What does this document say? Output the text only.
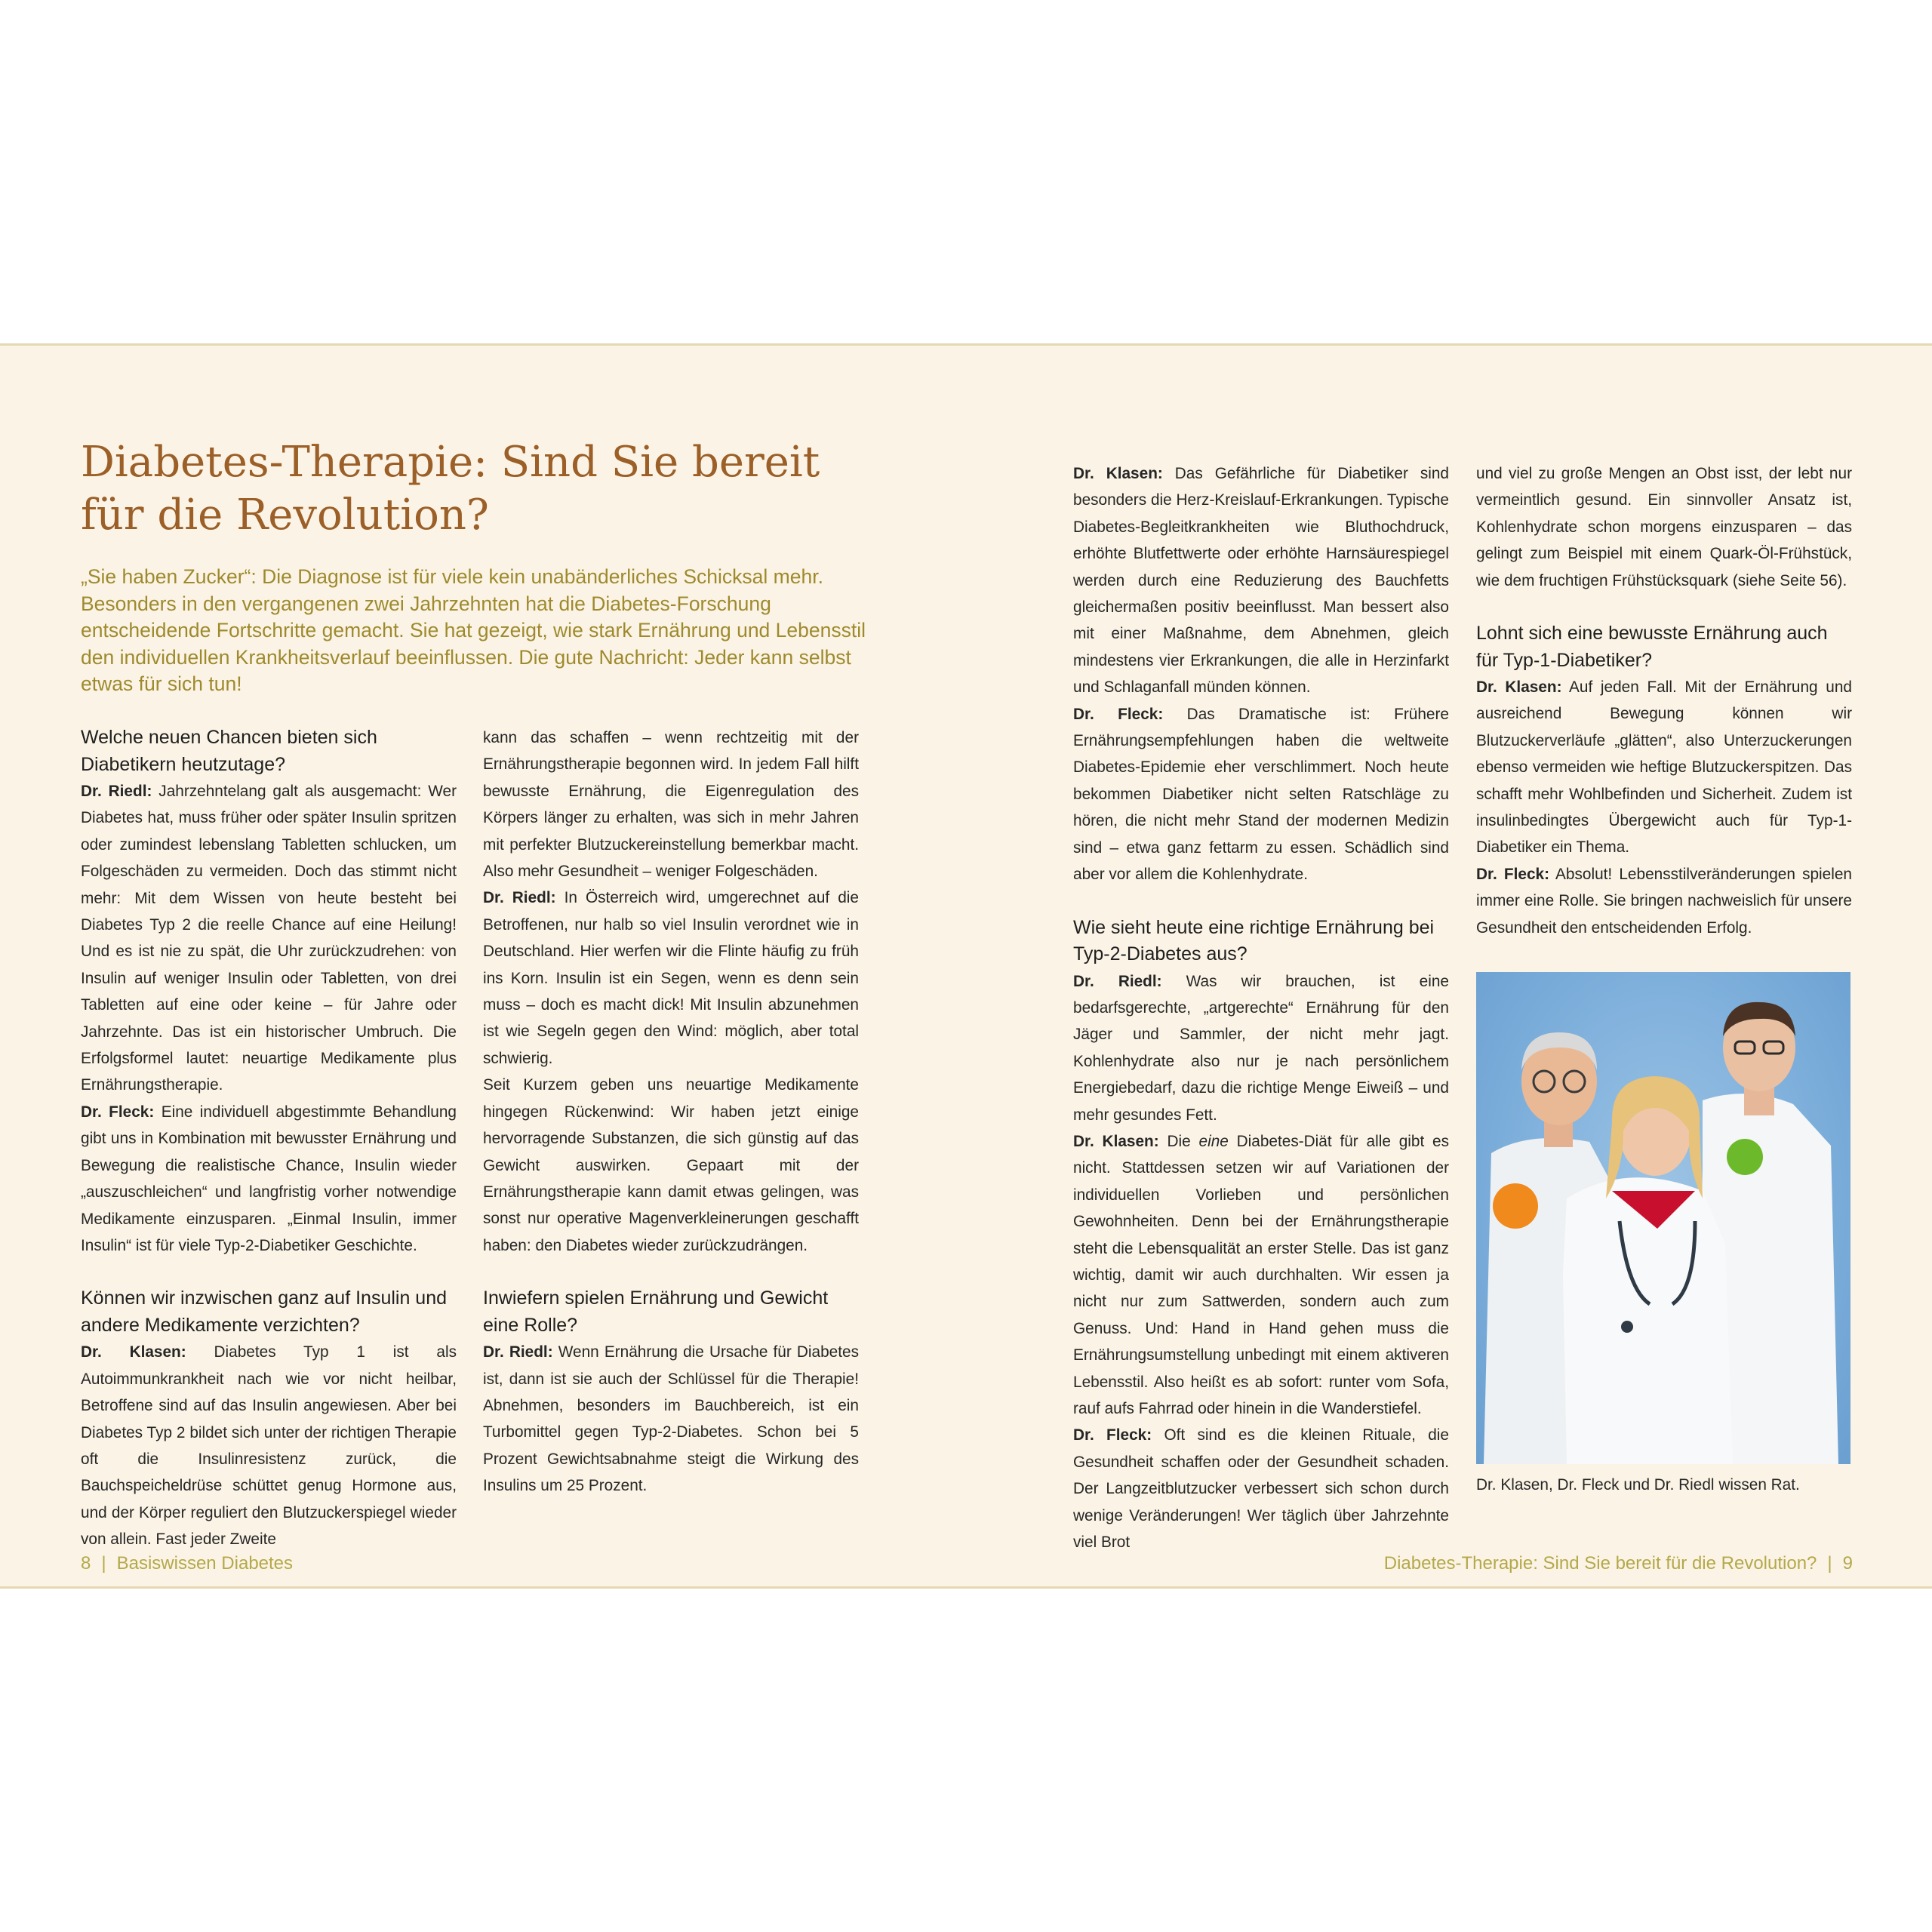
Diabetes-Therapie: Sind Sie bereit
für die Revolution?

„Sie haben Zucker“: Die Diagnose ist für viele kein unabänderliches Schicksal mehr. Besonders in den vergangenen zwei Jahrzehnten hat die Diabetes-Forschung entscheidende Fortschritte gemacht. Sie hat gezeigt, wie stark Ernährung und Lebensstil den individuellen Krankheitsverlauf beeinflussen. Die gute Nachricht: Jeder kann selbst etwas für sich tun!

Welche neuen Chancen bieten sich Diabetikern heutzutage?

Dr. Riedl: Jahrzehntelang galt als ausgemacht: Wer Diabetes hat, muss früher oder später Insulin spritzen oder zumindest lebenslang Tabletten schlucken, um Folgeschäden zu vermeiden. Doch das stimmt nicht mehr: Mit dem Wissen von heute besteht bei Diabetes Typ 2 die reelle Chance auf eine Heilung! Und es ist nie zu spät, die Uhr zurückzudrehen: von Insulin auf weniger Insulin oder Tabletten, von drei Tabletten auf eine oder keine – für Jahre oder Jahrzehnte. Das ist ein historischer Umbruch. Die Erfolgsformel lautet: neuartige Medikamente plus Ernährungstherapie.

Dr. Fleck: Eine individuell abgestimmte Behandlung gibt uns in Kombination mit bewusster Ernährung und Bewegung die realistische Chance, Insulin wieder „auszuschleichen“ und langfristig vorher notwendige Medikamente einzusparen. „Einmal Insulin, immer Insulin“ ist für viele Typ-2-Diabetiker Geschichte.

Können wir inzwischen ganz auf Insulin und andere Medikamente verzichten?

Dr. Klasen: Diabetes Typ 1 ist als Autoimmunkrankheit nach wie vor nicht heilbar, Betroffene sind auf das Insulin angewiesen. Aber bei Diabetes Typ 2 bildet sich unter der richtigen Therapie oft die Insulinresistenz zurück, die Bauchspeicheldrüse schüttet genug Hormone aus, und der Körper reguliert den Blutzuckerspiegel wieder von allein. Fast jeder Zweite

kann das schaffen – wenn rechtzeitig mit der Ernährungstherapie begonnen wird. In jedem Fall hilft bewusste Ernährung, die Eigenregulation des Körpers länger zu erhalten, was sich in mehr Jahren mit perfekter Blutzuckereinstellung bemerkbar macht. Also mehr Gesundheit – weniger Folgeschäden.

Dr. Riedl: In Österreich wird, umgerechnet auf die Betroffenen, nur halb so viel Insulin verordnet wie in Deutschland. Hier werfen wir die Flinte häufig zu früh ins Korn. Insulin ist ein Segen, wenn es denn sein muss – doch es macht dick! Mit Insulin abzunehmen ist wie Segeln gegen den Wind: möglich, aber total schwierig.

Seit Kurzem geben uns neuartige Medikamente hingegen Rückenwind: Wir haben jetzt einige hervorragende Substanzen, die sich günstig auf das Gewicht auswirken. Gepaart mit der Ernährungstherapie kann damit etwas gelingen, was sonst nur operative Magenverkleinerungen geschafft haben: den Diabetes wieder zurückzudrängen.

Inwiefern spielen Ernährung und Gewicht eine Rolle?

Dr. Riedl: Wenn Ernährung die Ursache für Diabetes ist, dann ist sie auch der Schlüssel für die Therapie! Abnehmen, besonders im Bauchbereich, ist ein Turbomittel gegen Typ-2-Diabetes. Schon bei 5 Prozent Gewichtsabnahme steigt die Wirkung des Insulins um 25 Prozent.

Dr. Klasen: Das Gefährliche für Diabetiker sind besonders die Herz-Kreislauf-Erkrankungen. Typische Diabetes-Begleitkrankheiten wie Bluthochdruck, erhöhte Blutfettwerte oder erhöhte Harnsäurespiegel werden durch eine Reduzierung des Bauchfetts gleichermaßen positiv beeinflusst. Man bessert also mit einer Maßnahme, dem Abnehmen, gleich mindestens vier Erkrankungen, die alle in Herzinfarkt und Schlaganfall münden können.

Dr. Fleck: Das Dramatische ist: Frühere Ernährungsempfehlungen haben die weltweite Diabetes-Epidemie eher verschlimmert. Noch heute bekommen Diabetiker nicht selten Ratschläge zu hören, die nicht mehr Stand der modernen Medizin sind – etwa ganz fettarm zu essen. Schädlich sind aber vor allem die Kohlenhydrate.

Wie sieht heute eine richtige Ernährung bei Typ-2-Diabetes aus?

Dr. Riedl: Was wir brauchen, ist eine bedarfsgerechte, „artgerechte“ Ernährung für den Jäger und Sammler, der nicht mehr jagt. Kohlenhydrate also nur je nach persönlichem Energiebedarf, dazu die richtige Menge Eiweiß – und mehr gesundes Fett.

Dr. Klasen: Die eine Diabetes-Diät für alle gibt es nicht. Stattdessen setzen wir auf Variationen der individuellen Vorlieben und persönlichen Gewohnheiten. Denn bei der Ernährungstherapie steht die Lebensqualität an erster Stelle. Das ist ganz wichtig, damit wir auch durchhalten. Wir essen ja nicht nur zum Sattwerden, sondern auch zum Genuss. Und: Hand in Hand gehen muss die Ernährungsumstellung unbedingt mit einem aktiveren Lebensstil. Also heißt es ab sofort: runter vom Sofa, rauf aufs Fahrrad oder hinein in die Wanderstiefel.

Dr. Fleck: Oft sind es die kleinen Rituale, die Gesundheit schaffen oder der Gesundheit schaden. Der Langzeitblutzucker verbessert sich schon durch wenige Veränderungen! Wer täglich über Jahrzehnte viel Brot

und viel zu große Mengen an Obst isst, der lebt nur vermeintlich gesund. Ein sinnvoller Ansatz ist, Kohlenhydrate schon morgens einzusparen – das gelingt zum Beispiel mit einem Quark-Öl-Frühstück, wie dem fruchtigen Frühstücksquark (siehe Seite 56).

Lohnt sich eine bewusste Ernährung auch für Typ-1-Diabetiker?

Dr. Klasen: Auf jeden Fall. Mit der Ernährung und ausreichend Bewegung können wir Blutzuckerverläufe „glätten“, also Unterzuckerungen ebenso vermeiden wie heftige Blutzuckerspitzen. Das schafft mehr Wohlbefinden und Sicherheit. Zudem ist insulinbedingtes Übergewicht auch für Typ-1-Diabetiker ein Thema.

Dr. Fleck: Absolut! Lebensstilveränderungen spielen immer eine Rolle. Sie bringen nachweislich für unsere Gesundheit den entscheidenden Erfolg.

Dr. Klasen, Dr. Fleck und Dr. Riedl wissen Rat.
8 | Basiswissen Diabetes	Diabetes-Therapie: Sind Sie bereit für die Revolution? | 9
